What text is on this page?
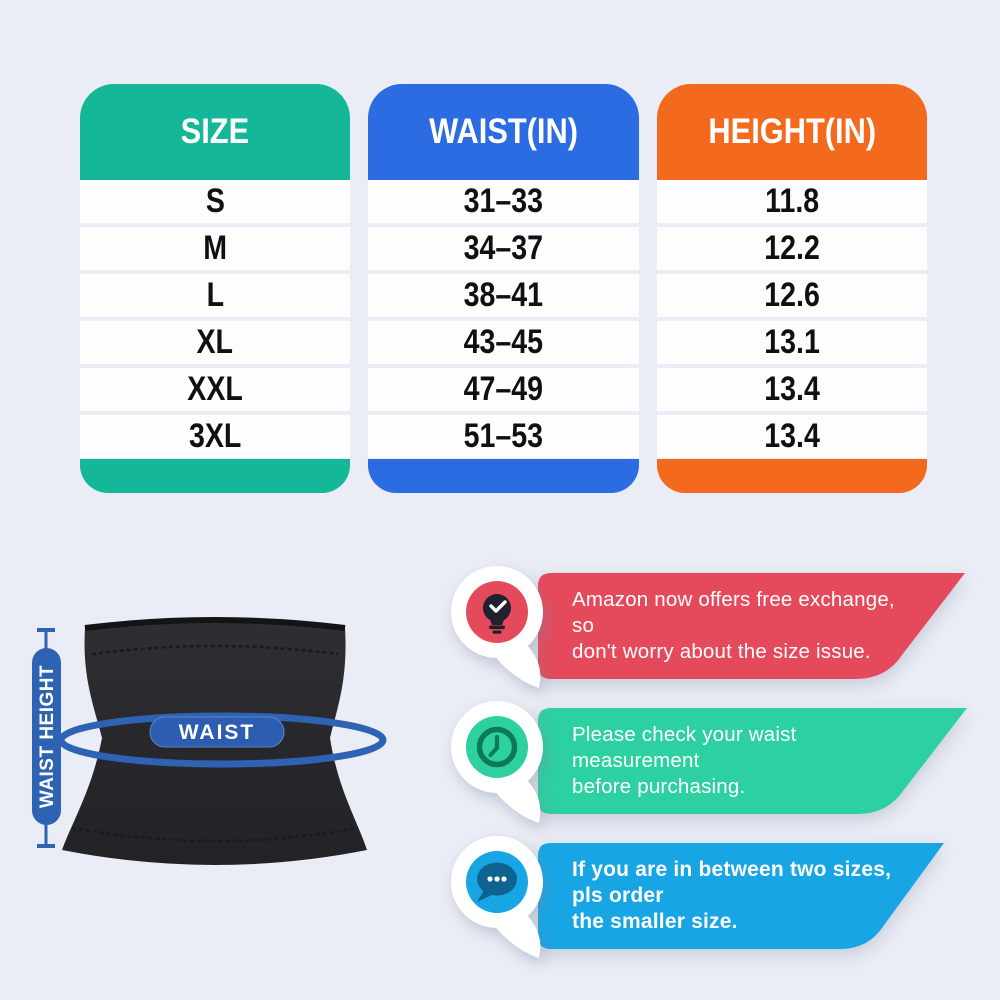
SIZE	WAIST(IN)	HEIGHT(IN)
S	31–33	11.8
M	34–37	12.2
L	38–41	12.6
XL	43–45	13.1
XXL	47–49	13.4
3XL	51–53	13.4
WAIST HEIGHT	WAIST
Amazon now offers free exchange, so
don't worry about the size issue.
Please check your waist measurement
before purchasing.
If you are in between two sizes, pls order
the smaller size.
